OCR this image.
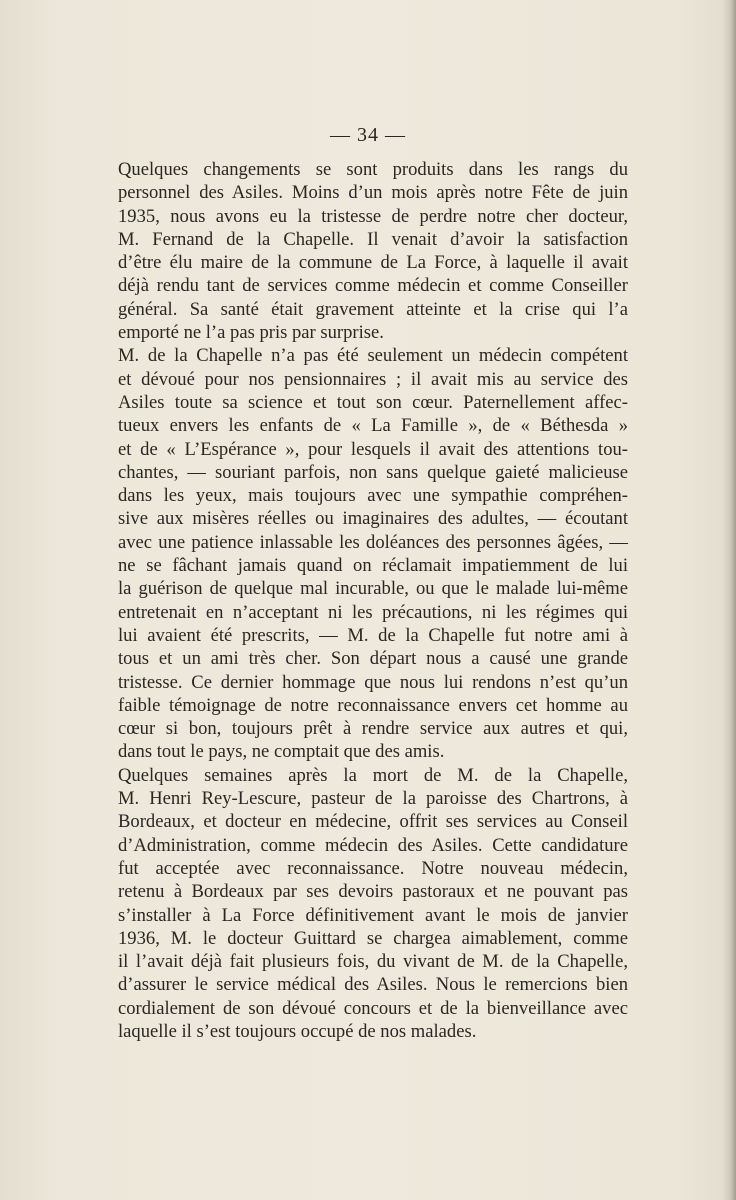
— 34 —

Quelques changements se sont produits dans les rangs du
personnel des Asiles. Moins d’un mois après notre Fête de juin
1935, nous avons eu la tristesse de perdre notre cher docteur,
M. Fernand de la Chapelle. Il venait d’avoir la satisfaction
d’être élu maire de la commune de La Force, à laquelle il avait
déjà rendu tant de services comme médecin et comme Conseiller
général. Sa santé était gravement atteinte et la crise qui l’a
emporté ne l’a pas pris par surprise.

M. de la Chapelle n’a pas été seulement un médecin compétent
et dévoué pour nos pensionnaires ; il avait mis au service des
Asiles toute sa science et tout son cœur. Paternellement affec-
tueux envers les enfants de « La Famille », de « Béthesda »
et de « L’Espérance », pour lesquels il avait des attentions tou-
chantes, — souriant parfois, non sans quelque gaieté malicieuse
dans les yeux, mais toujours avec une sympathie compréhen-
sive aux misères réelles ou imaginaires des adultes, — écoutant
avec une patience inlassable les doléances des personnes âgées, —
ne se fâchant jamais quand on réclamait impatiemment de lui
la guérison de quelque mal incurable, ou que le malade lui-même
entretenait en n’acceptant ni les précautions, ni les régimes qui
lui avaient été prescrits, — M. de la Chapelle fut notre ami à
tous et un ami très cher. Son départ nous a causé une grande
tristesse. Ce dernier hommage que nous lui rendons n’est qu’un
faible témoignage de notre reconnaissance envers cet homme au
cœur si bon, toujours prêt à rendre service aux autres et qui,
dans tout le pays, ne comptait que des amis.

Quelques semaines après la mort de M. de la Chapelle,
M. Henri Rey-Lescure, pasteur de la paroisse des Chartrons, à
Bordeaux, et docteur en médecine, offrit ses services au Conseil
d’Administration, comme médecin des Asiles. Cette candidature
fut acceptée avec reconnaissance. Notre nouveau médecin,
retenu à Bordeaux par ses devoirs pastoraux et ne pouvant pas
s’installer à La Force définitivement avant le mois de janvier
1936, M. le docteur Guittard se chargea aimablement, comme
il l’avait déjà fait plusieurs fois, du vivant de M. de la Chapelle,
d’assurer le service médical des Asiles. Nous le remercions bien
cordialement de son dévoué concours et de la bienveillance avec
laquelle il s’est toujours occupé de nos malades.
